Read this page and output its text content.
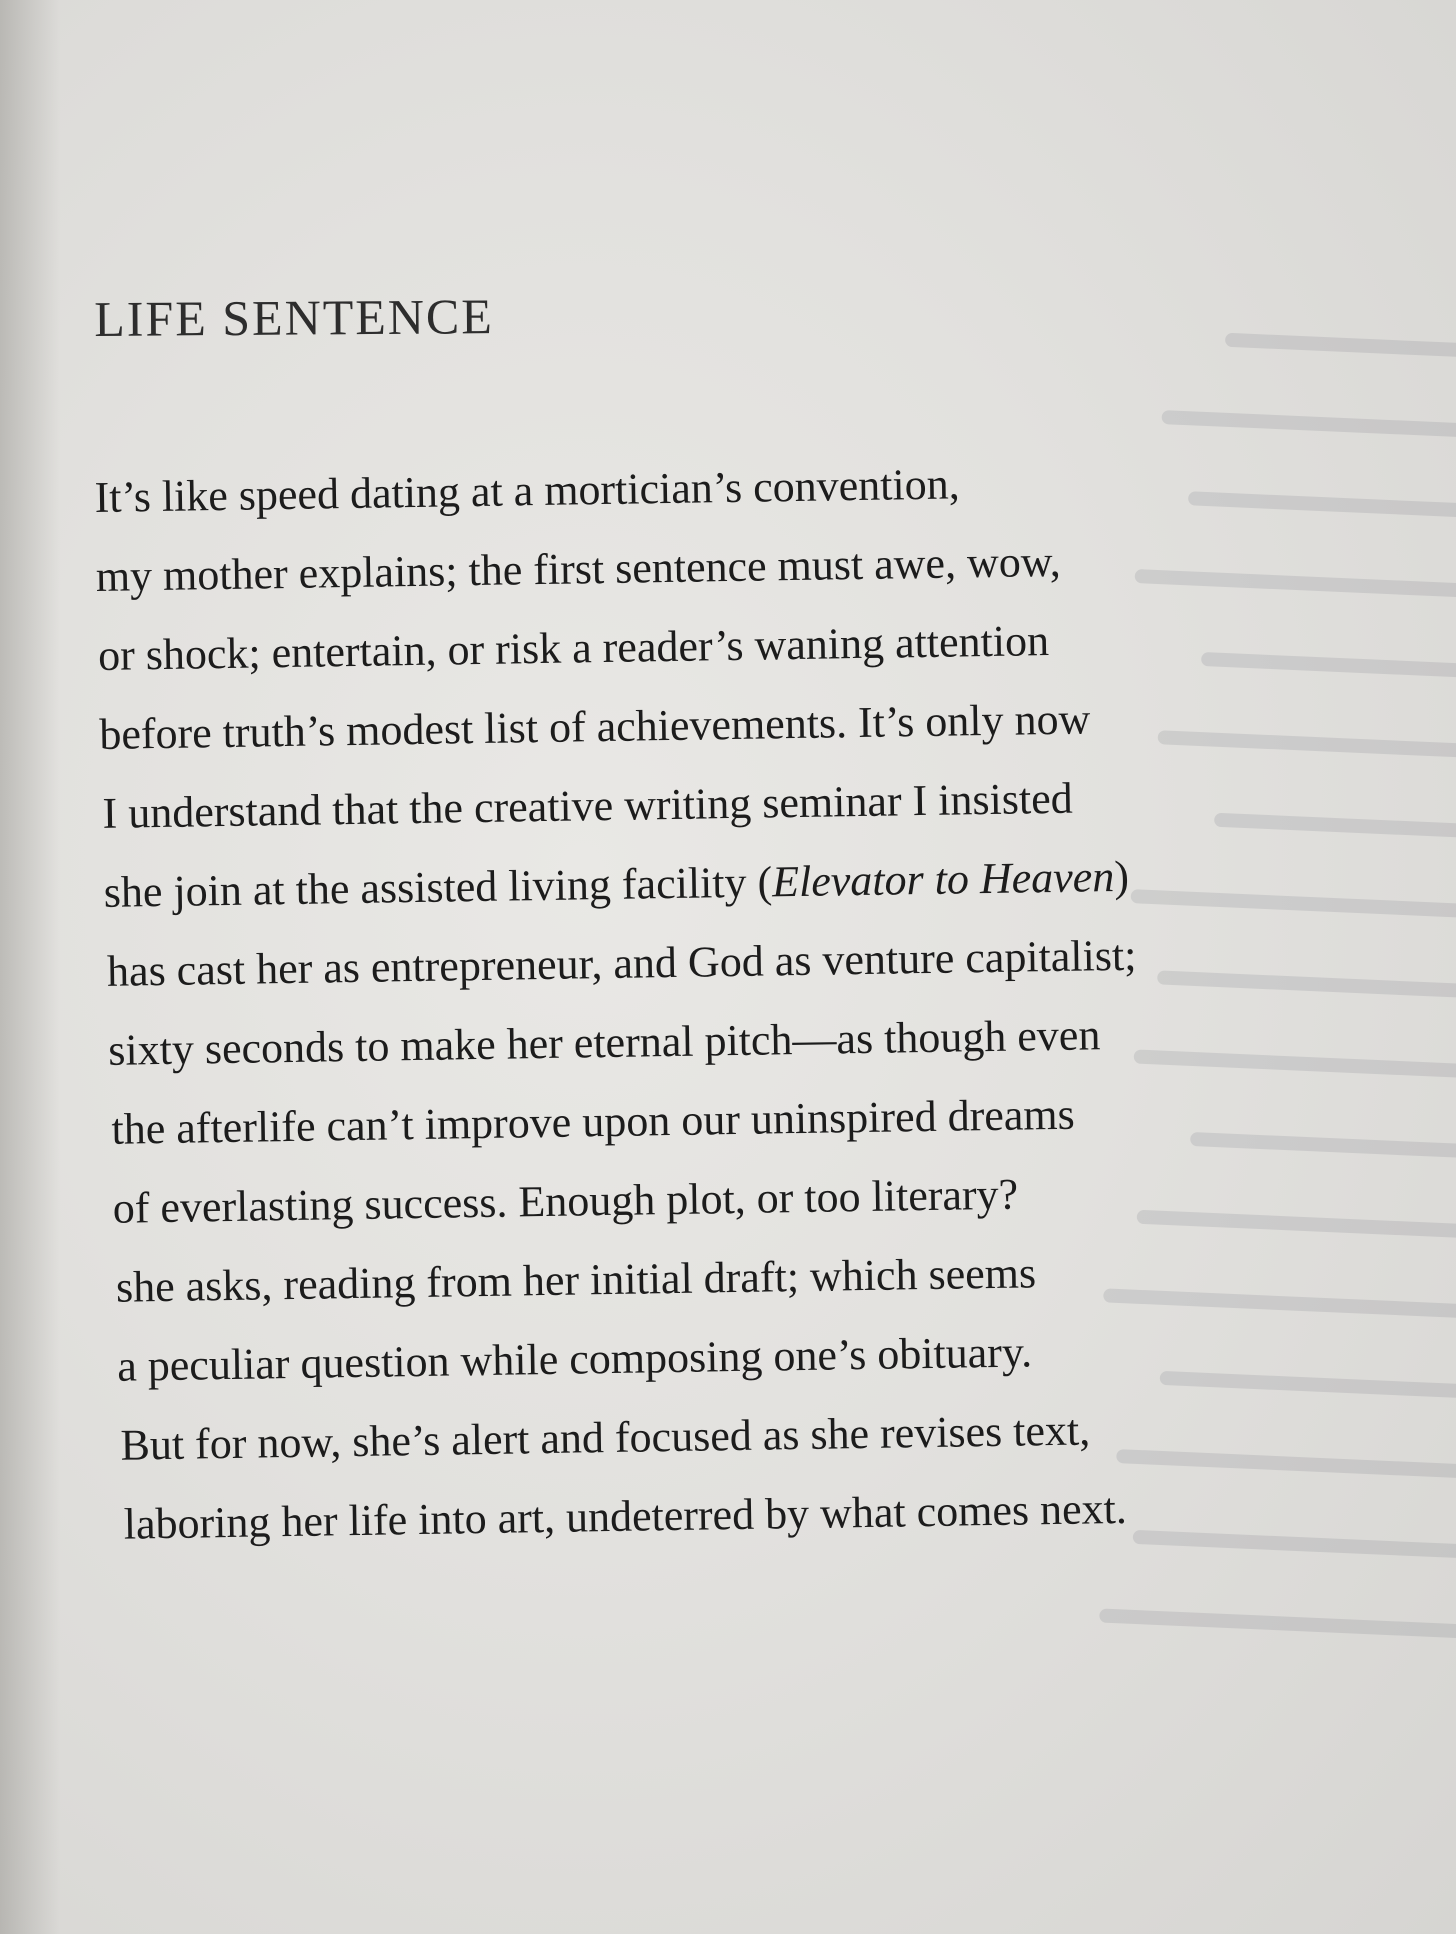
LIFE SENTENCE
It’s like speed dating at a mortician’s convention,
my mother explains; the first sentence must awe, wow,
or shock; entertain, or risk a reader’s waning attention
before truth’s modest list of achievements. It’s only now
I understand that the creative writing seminar I insisted
she join at the assisted living facility (Elevator to Heaven)
has cast her as entrepreneur, and God as venture capitalist;
sixty seconds to make her eternal pitch—as though even
the afterlife can’t improve upon our uninspired dreams
of everlasting success. Enough plot, or too literary?
she asks, reading from her initial draft; which seems
a peculiar question while composing one’s obituary.
But for now, she’s alert and focused as she revises text,
laboring her life into art, undeterred by what comes next.
